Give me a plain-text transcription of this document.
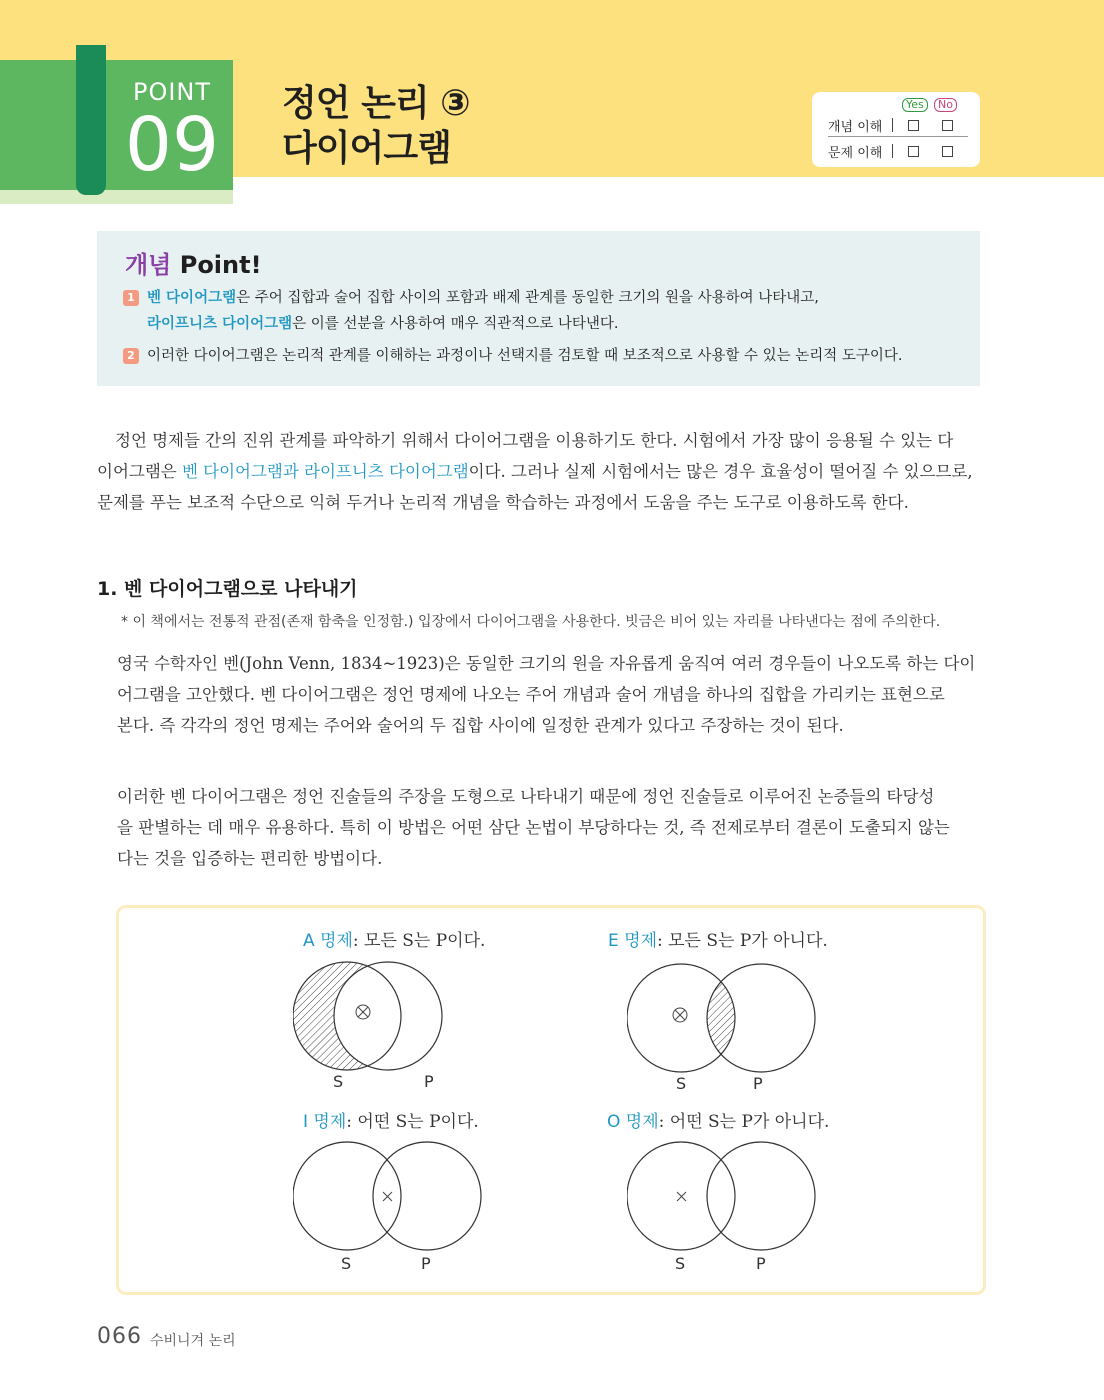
POINT
09 정언 논리 ③
다이어그램
Yes	No
개념 이해
문제 이해
개념 Point!
1 벤 다이어그램은 주어 집합과 술어 집합 사이의 포함과 배제 관계를 동일한 크기의 원을 사용하여 나타내고,
라이프니츠 다이어그램은 이를 선분을 사용하여 매우 직관적으로 나타낸다.
2 이러한 다이어그램은 논리적 관계를 이해하는 과정이나 선택지를 검토할 때 보조적으로 사용할 수 있는 논리적 도구이다.
정언 명제들 간의 진위 관계를 파악하기 위해서 다이어그램을 이용하기도 한다. 시험에서 가장 많이 응용될 수 있는 다
이어그램은 벤 다이어그램과 라이프니츠 다이어그램이다. 그러나 실제 시험에서는 많은 경우 효율성이 떨어질 수 있으므로,
문제를 푸는 보조적 수단으로 익혀 두거나 논리적 개념을 학습하는 과정에서 도움을 주는 도구로 이용하도록 한다.
1. 벤 다이어그램으로 나타내기
* 이 책에서는 전통적 관점(존재 함축을 인정함.) 입장에서 다이어그램을 사용한다. 빗금은 비어 있는 자리를 나타낸다는 점에 주의한다.
영국 수학자인 벤(John Venn, 1834~1923)은 동일한 크기의 원을 자유롭게 움직여 여러 경우들이 나오도록 하는 다이
어그램을 고안했다. 벤 다이어그램은 정언 명제에 나오는 주어 개념과 술어 개념을 하나의 집합을 가리키는 표현으로
본다. 즉 각각의 정언 명제는 주어와 술어의 두 집합 사이에 일정한 관계가 있다고 주장하는 것이 된다.
이러한 벤 다이어그램은 정언 진술들의 주장을 도형으로 나타내기 때문에 정언 진술들로 이루어진 논증들의 타당성
을 판별하는 데 매우 유용하다. 특히 이 방법은 어떤 삼단 논법이 부당하다는 것, 즉 전제로부터 결론이 도출되지 않는
다는 것을 입증하는 편리한 방법이다.
A 명제: 모든 S는 P이다.
S	P
E 명제: 모든 S는 P가 아니다.
S	P
I 명제: 어떤 S는 P이다.
S	P
O 명제: 어떤 S는 P가 아니다.
S	P
066 수비니겨 논리
